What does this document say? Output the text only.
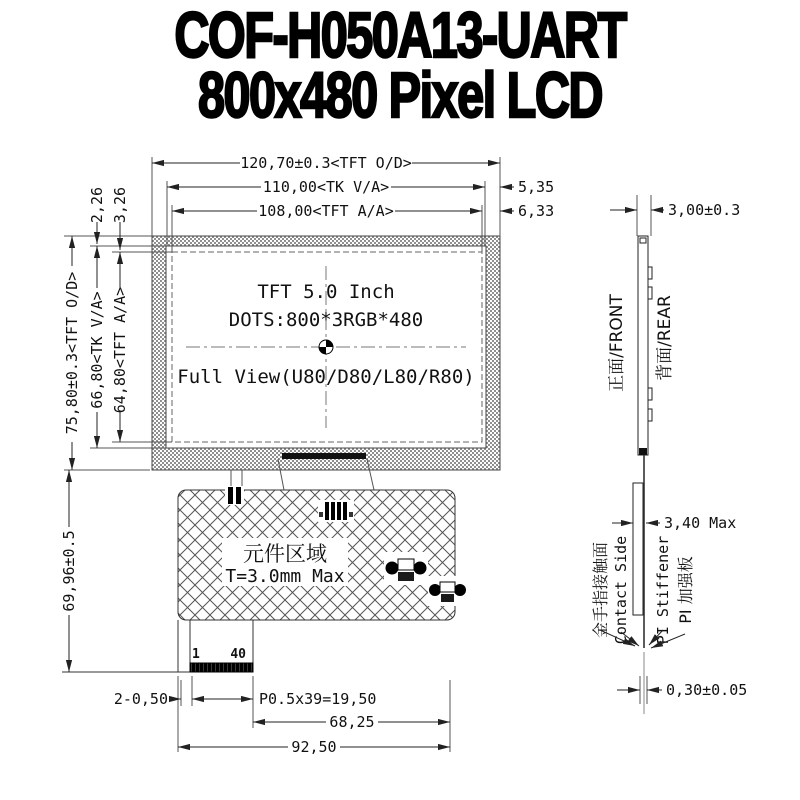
COF-H050A13-UART
800x480 Pixel LCD
TFT 5.0 Inch
DOTS:800*3RGB*480
Full View(U80/D80/L80/R80)
元件区域
T=3.0mm Max
1 40
120,70±0.3<TFT O/D>
110,00<TK V/A>	5,35
108,00<TFT A/A>	6,33
2,26 3,26
75,80±0.3<TFT O/D> 66,80<TK V/A> 64,80<TFT A/A>
69,96±0.5
2-0,50	P0.5x39=19,50
68,25
92,50
3,00±0.3
正面/FRONT 背面/REAR
3,40 Max
金手指接触面 Contact Side PI Stiffener PI 加强板
0,30±0.05
